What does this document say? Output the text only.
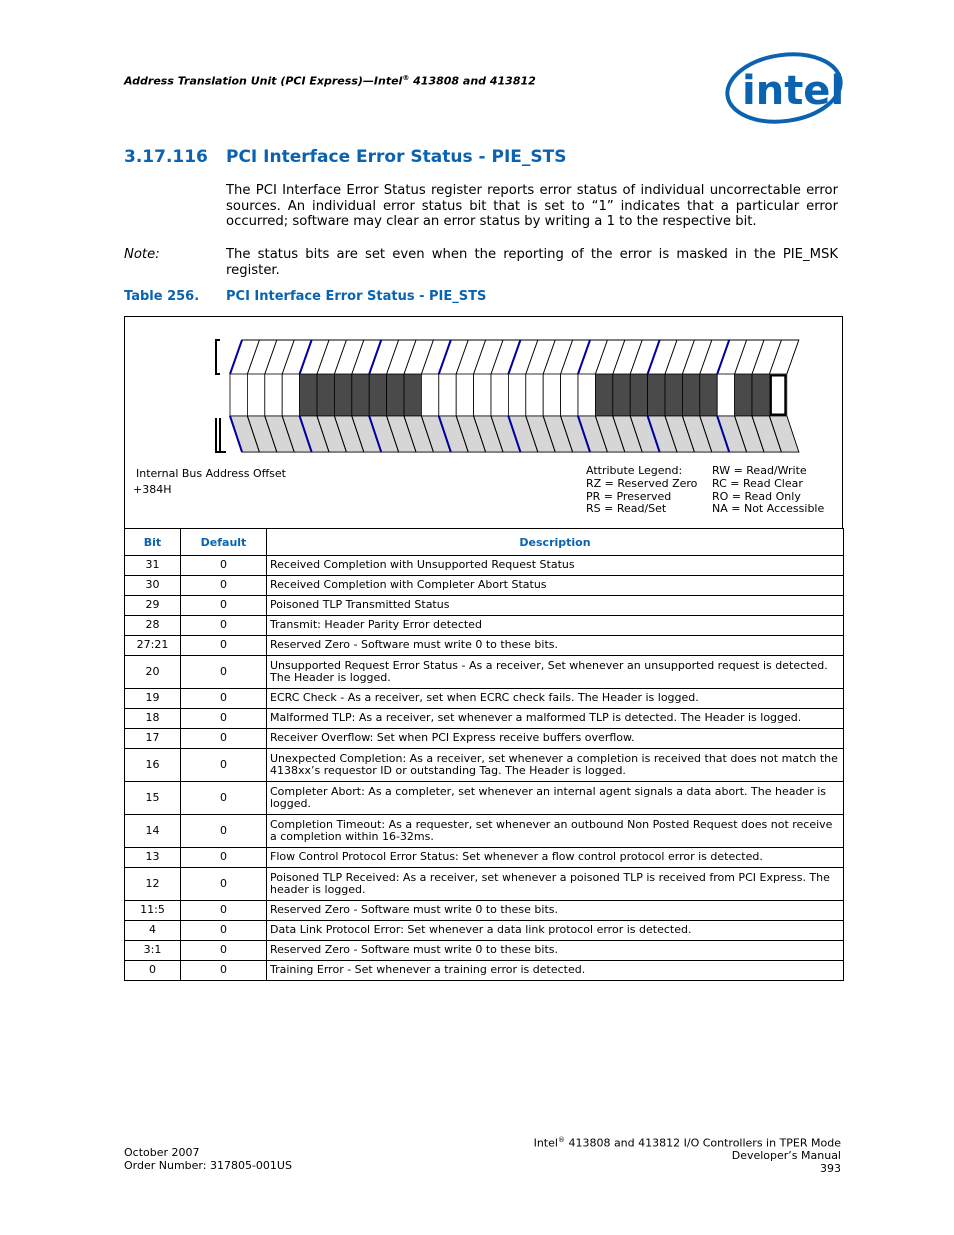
Address Translation Unit (PCI Express)—Intel® 413808 and 413812	intel
3.17.116 PCI Interface Error Status - PIE_STS
The PCI Interface Error Status register reports error status of individual uncorrectable error sources. An individual error status bit that is set to “1” indicates that a particular error occurred; software may clear an error status by writing a 1 to the respective bit.
Note:	The status bits are set even when the reporting of the error is masked in the PIE_MSK register.
Table 256. PCI Interface Error Status - PIE_STS
Internal Bus Address Offset
+384H
Attribute Legend:
RZ = Reserved Zero
PR = Preserved
RS = Read/Set
RW = Read/Write
RC = Read Clear
RO = Read Only
NA = Not Accessible
Bit	Default	Description
31	0	Received Completion with Unsupported Request Status
30	0	Received Completion with Completer Abort Status
29	0	Poisoned TLP Transmitted Status
28	0	Transmit: Header Parity Error detected
27:21	0	Reserved Zero - Software must write 0 to these bits.
20	0	Unsupported Request Error Status - As a receiver, Set whenever an unsupported request is detected. The Header is logged.
19	0	ECRC Check - As a receiver, set when ECRC check fails. The Header is logged.
18	0	Malformed TLP: As a receiver, set whenever a malformed TLP is detected. The Header is logged.
17	0	Receiver Overflow: Set when PCI Express receive buffers overflow.
16	0	Unexpected Completion: As a receiver, set whenever a completion is received that does not match the 4138xx’s requestor ID or outstanding Tag. The Header is logged.
15	0	Completer Abort: As a completer, set whenever an internal agent signals a data abort. The header is logged.
14	0	Completion Timeout: As a requester, set whenever an outbound Non Posted Request does not receive a completion within 16-32ms.
13	0	Flow Control Protocol Error Status: Set whenever a flow control protocol error is detected.
12	0	Poisoned TLP Received: As a receiver, set whenever a poisoned TLP is received from PCI Express. The header is logged.
11:5	0	Reserved Zero - Software must write 0 to these bits.
4	0	Data Link Protocol Error: Set whenever a data link protocol error is detected.
3:1	0	Reserved Zero - Software must write 0 to these bits.
0	0	Training Error - Set whenever a training error is detected.
October 2007
Order Number: 317805-001US
Intel® 413808 and 413812 I/O Controllers in TPER Mode
Developer’s Manual
393
